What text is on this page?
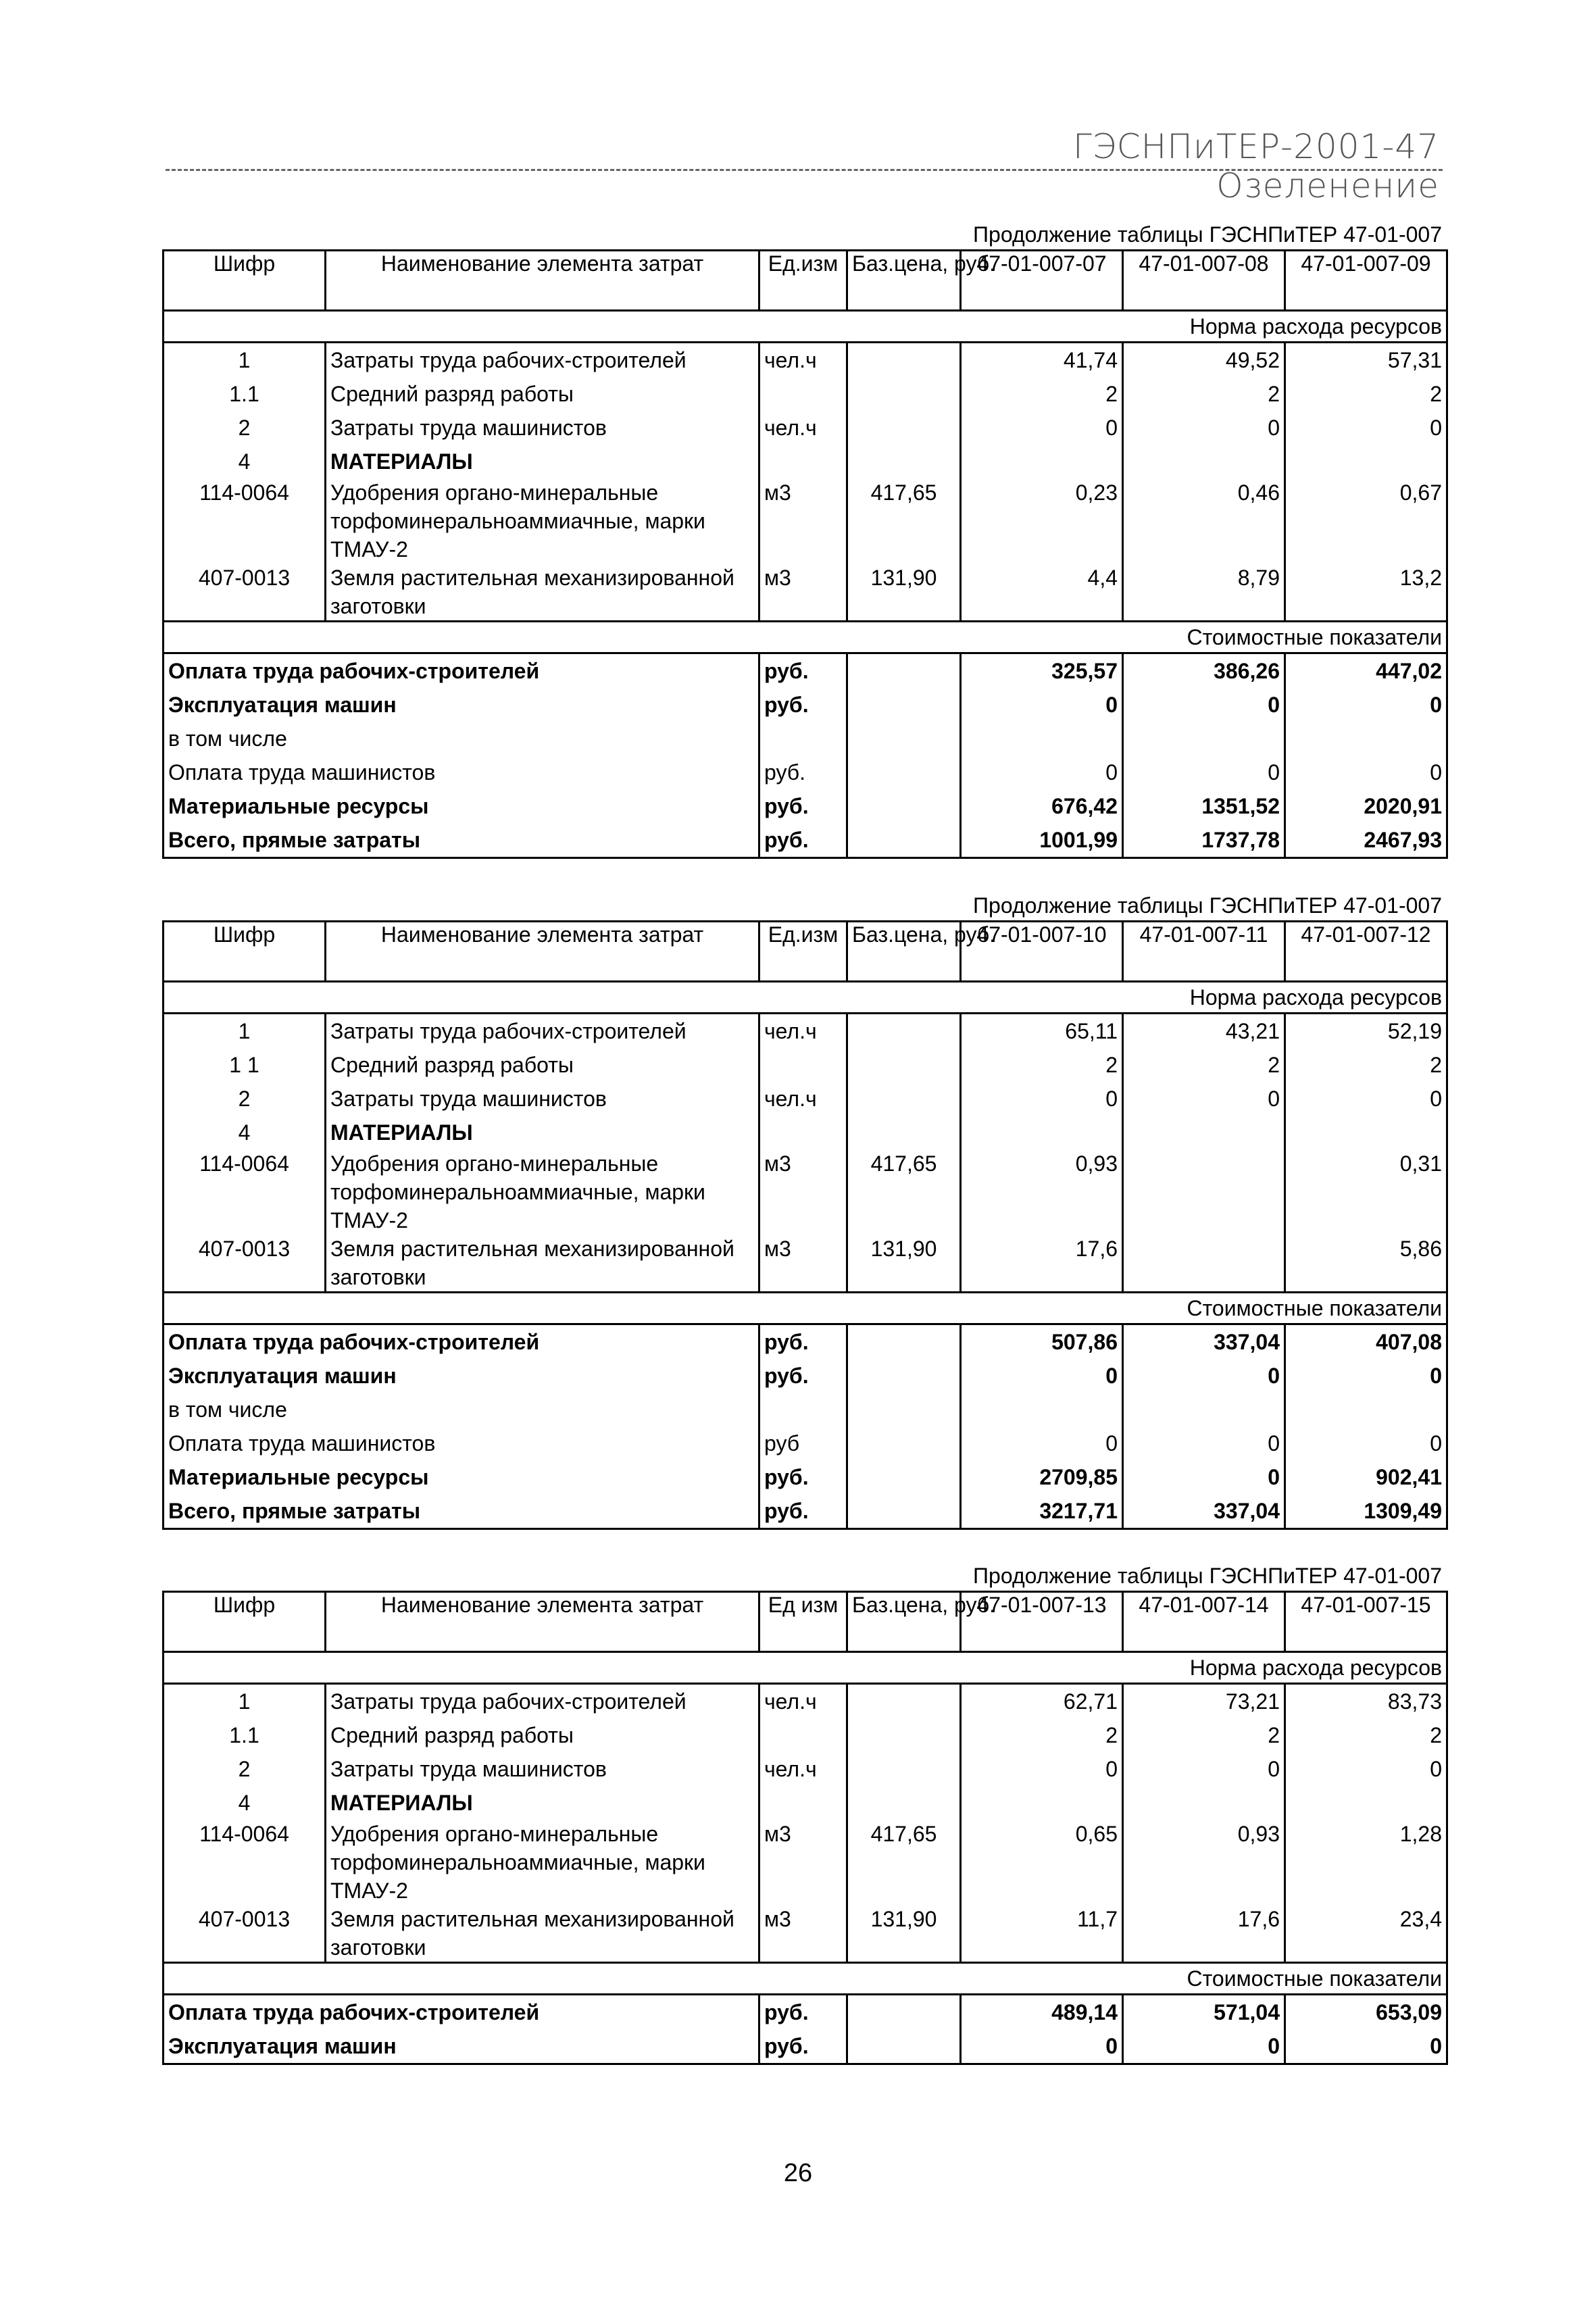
ГЭСНПиТЕР-2001-47 Озеленение
Продолжение таблицы ГЭСНПиТЕР 47-01-007
Шифр	Наименование элемента затрат	Ед.изм	Баз.цена, руб.	47-01-007-07	47-01-007-08	47-01-007-09
Норма расхода ресурсов						
1	Затраты труда рабочих-строителей	чел.ч		41,74	49,52	57,31
1.1	Средний разряд работы			2	2	2
2	Затраты труда машинистов	чел.ч		0	0	0
4	МАТЕРИАЛЫ					
114-0064	Удобрения органо-минеральные торфоминеральноаммиачные, марки ТМАУ-2	м3	417,65	0,23	0,46	0,67
407-0013	Земля растительная механизированной заготовки	м3	131,90	4,4	8,79	13,2
Стоимостные показатели						
Оплата труда рабочих-строителей		руб.		325,57	386,26	447,02
Эксплуатация машин		руб.		0	0	0
в том числе						
Оплата труда машинистов		руб.		0	0	0
Материальные ресурсы		руб.		676,42	1351,52	2020,91
Всего, прямые затраты		руб.		1001,99	1737,78	2467,93
Продолжение таблицы ГЭСНПиТЕР 47-01-007
Шифр	Наименование элемента затрат	Ед.изм	Баз.цена, руб.	47-01-007-10	47-01-007-11	47-01-007-12
Норма расхода ресурсов						
1	Затраты труда рабочих-строителей	чел.ч		65,11	43,21	52,19
1 1	Средний разряд работы			2	2	2
2	Затраты труда машинистов	чел.ч		0	0	0
4	МАТЕРИАЛЫ					
114-0064	Удобрения органо-минеральные торфоминеральноаммиачные, марки ТМАУ-2	м3	417,65	0,93		0,31
407-0013	Земля растительная механизированной заготовки	м3	131,90	17,6		5,86
Стоимостные показатели						
Оплата труда рабочих-строителей		руб.		507,86	337,04	407,08
Эксплуатация машин		руб.		0	0	0
в том числе						
Оплата труда машинистов		руб		0	0	0
Материальные ресурсы		руб.		2709,85	0	902,41
Всего, прямые затраты		руб.		3217,71	337,04	1309,49
Продолжение таблицы ГЭСНПиТЕР 47-01-007
Шифр	Наименование элемента затрат	Ед изм	Баз.цена, руб.	47-01-007-13	47-01-007-14	47-01-007-15
Норма расхода ресурсов						
1	Затраты труда рабочих-строителей	чел.ч		62,71	73,21	83,73
1.1	Средний разряд работы			2	2	2
2	Затраты труда машинистов	чел.ч		0	0	0
4	МАТЕРИАЛЫ					
114-0064	Удобрения органо-минеральные торфоминеральноаммиачные, марки ТМАУ-2	м3	417,65	0,65	0,93	1,28
407-0013	Земля растительная механизированной заготовки	м3	131,90	11,7	17,6	23,4
Стоимостные показатели						
Оплата труда рабочих-строителей		руб.		489,14	571,04	653,09
Эксплуатация машин		руб.		0	0	0
26
